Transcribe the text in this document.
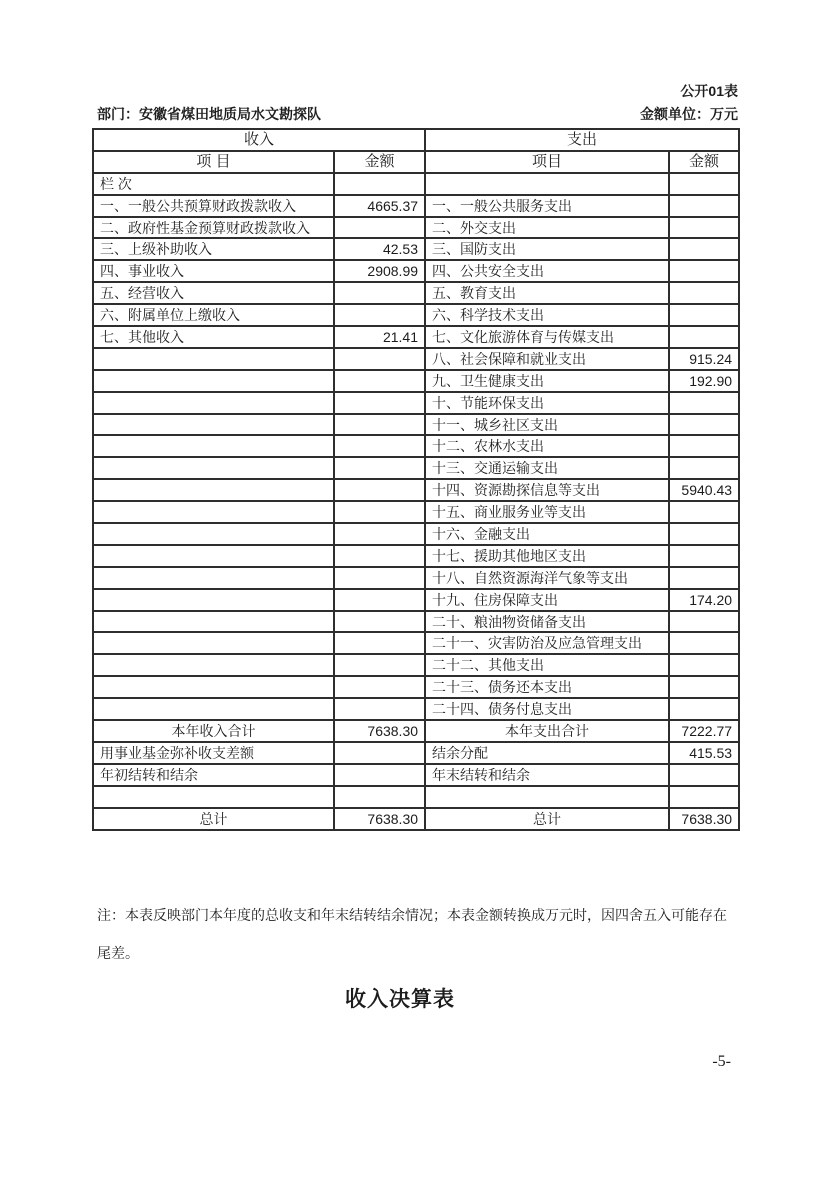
公开01表
部门：安徽省煤田地质局水文勘探队	金额单位：万元
收入		支出	
项 目	金额	项目	金额
栏 次			
一、一般公共预算财政拨款收入	4665.37	一、一般公共服务支出	
二、政府性基金预算财政拨款收入		二、外交支出	
三、上级补助收入	42.53	三、国防支出	
四、事业收入	2908.99	四、公共安全支出	
五、经营收入		五、教育支出	
六、附属单位上缴收入		六、科学技术支出	
七、其他收入	21.41	七、文化旅游体育与传媒支出	
		八、社会保障和就业支出	915.24
		九、卫生健康支出	192.90
		十、节能环保支出	
		十一、城乡社区支出	
		十二、农林水支出	
		十三、交通运输支出	
		十四、资源勘探信息等支出	5940.43
		十五、商业服务业等支出	
		十六、金融支出	
		十七、援助其他地区支出	
		十八、自然资源海洋气象等支出	
		十九、住房保障支出	174.20
		二十、粮油物资储备支出	
		二十一、灾害防治及应急管理支出	
		二十二、其他支出	
		二十三、债务还本支出	
		二十四、债务付息支出	
本年收入合计	7638.30	本年支出合计	7222.77
用事业基金弥补收支差额		结余分配	415.53
年初结转和结余		年末结转和结余	

总计	7638.30	总计	7638.30
注：本表反映部门本年度的总收支和年末结转结余情况；本表金额转换成万元时，因四舍五入可能存在
尾差。
收入决算表
-5-
